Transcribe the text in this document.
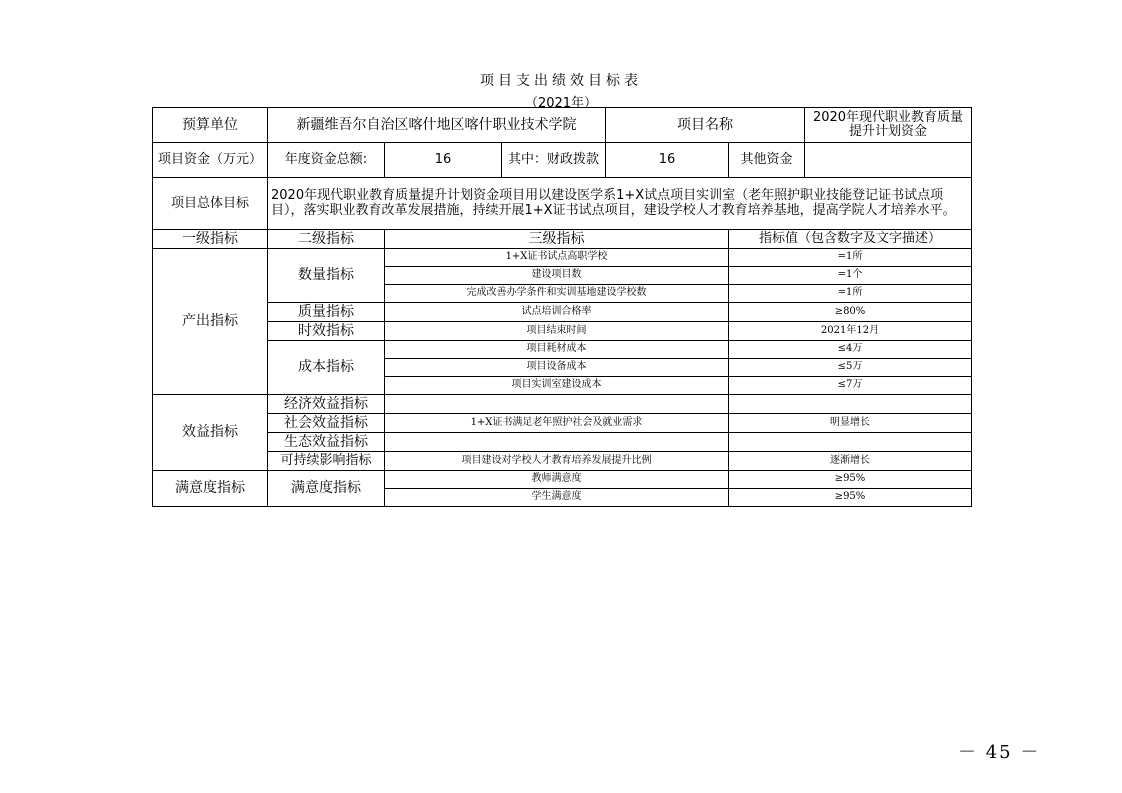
项目支出绩效目标表
（2021年）
预算单位	新疆维吾尔自治区喀什地区喀什职业技术学院			项目名称		2020年现代职业教育质量提升计划资金
项目资金（万元）	年度资金总额:	16	其中：财政拨款	16	其他资金	
项目总体目标	2020年现代职业教育质量提升计划资金项目用以建设医学系1+X试点项目实训室（老年照护职业技能登记证书试点项目），落实职业教育改革发展措施，持续开展1+X证书试点项目，建设学校人才教育培养基地，提高学院人才培养水平。					
一级指标	二级指标	三级指标			指标值（包含数字及文字描述）	
产出指标	数量指标	1+X证书试点高职学校			=1所	
		建设项目数			=1个	
		完成改善办学条件和实训基地建设学校数			=1所	
	质量指标	试点培训合格率			≥80%	
	时效指标	项目结束时间			2021年12月	
	成本指标	项目耗材成本			≤4万	
		项目设备成本			≤5万	
		项目实训室建设成本			≤7万	
效益指标	经济效益指标					
	社会效益指标	1+X证书满足老年照护社会及就业需求			明显增长	
	生态效益指标					
	可持续影响指标	项目建设对学校人才教育培养发展提升比例			逐渐增长	
满意度指标	满意度指标	教师满意度			≥95%	
		学生满意度			≥95%	
－ 45 －
